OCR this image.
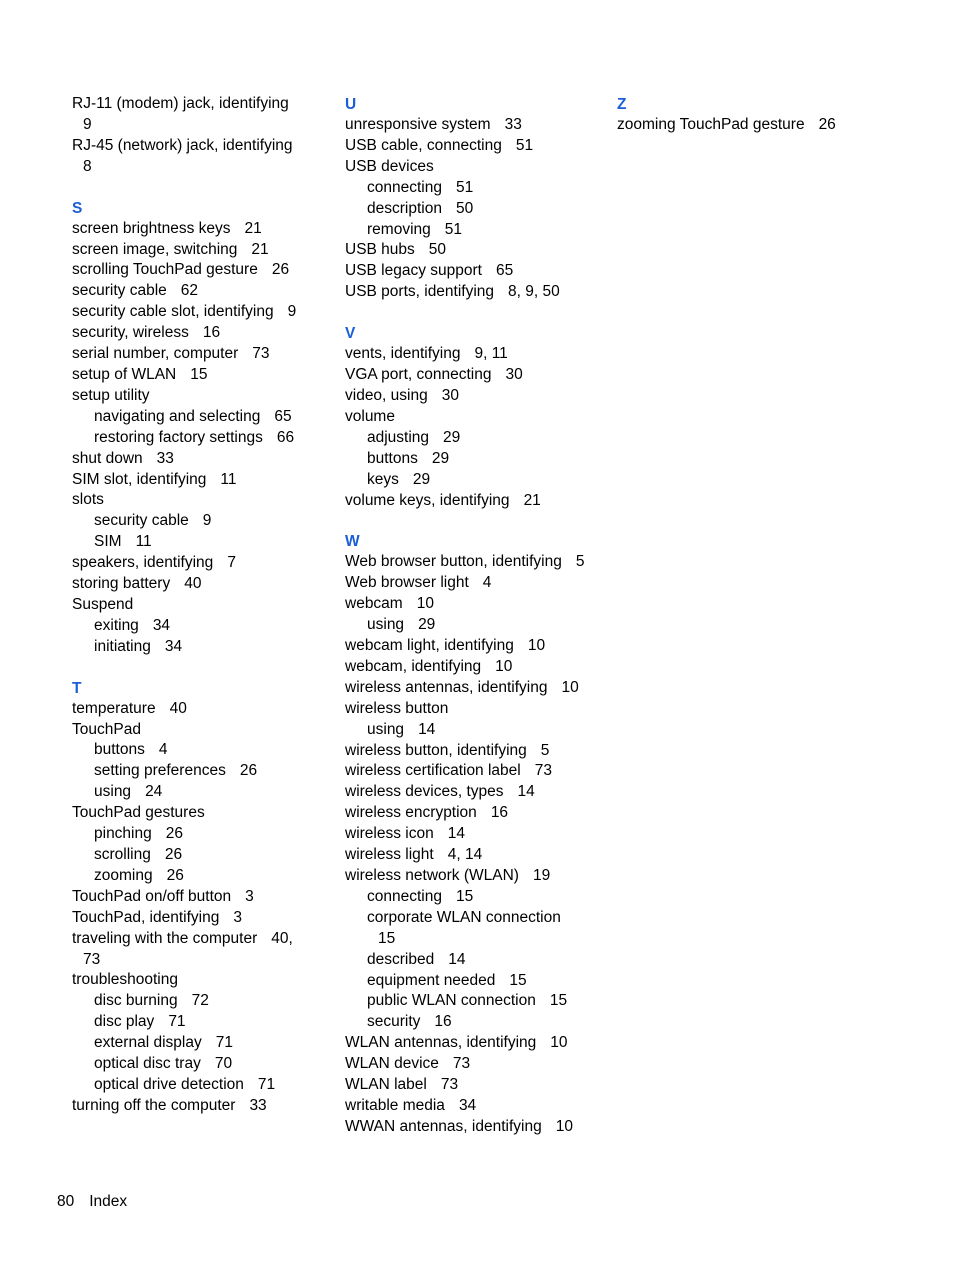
RJ-11 (modem) jack, identifying
9
RJ-45 (network) jack, identifying
8
S
screen brightness keys 21
screen image, switching 21
scrolling TouchPad gesture 26
security cable 62
security cable slot, identifying 9
security, wireless 16
serial number, computer 73
setup of WLAN 15
setup utility
navigating and selecting 65
restoring factory settings 66
shut down 33
SIM slot, identifying 11
slots
security cable 9
SIM 11
speakers, identifying 7
storing battery 40
Suspend
exiting 34
initiating 34
T
temperature 40
TouchPad
buttons 4
setting preferences 26
using 24
TouchPad gestures
pinching 26
scrolling 26
zooming 26
TouchPad on/off button 3
TouchPad, identifying 3
traveling with the computer 40,
73
troubleshooting
disc burning 72
disc play 71
external display 71
optical disc tray 70
optical drive detection 71
turning off the computer 33
U
unresponsive system 33
USB cable, connecting 51
USB devices
connecting 51
description 50
removing 51
USB hubs 50
USB legacy support 65
USB ports, identifying 8, 9, 50
V
vents, identifying 9, 11
VGA port, connecting 30
video, using 30
volume
adjusting 29
buttons 29
keys 29
volume keys, identifying 21
W
Web browser button, identifying 5
Web browser light 4
webcam 10
using 29
webcam light, identifying 10
webcam, identifying 10
wireless antennas, identifying 10
wireless button
using 14
wireless button, identifying 5
wireless certification label 73
wireless devices, types 14
wireless encryption 16
wireless icon 14
wireless light 4, 14
wireless network (WLAN) 19
connecting 15
corporate WLAN connection
15
described 14
equipment needed 15
public WLAN connection 15
security 16
WLAN antennas, identifying 10
WLAN device 73
WLAN label 73
writable media 34
WWAN antennas, identifying 10
Z
zooming TouchPad gesture 26
80 Index
